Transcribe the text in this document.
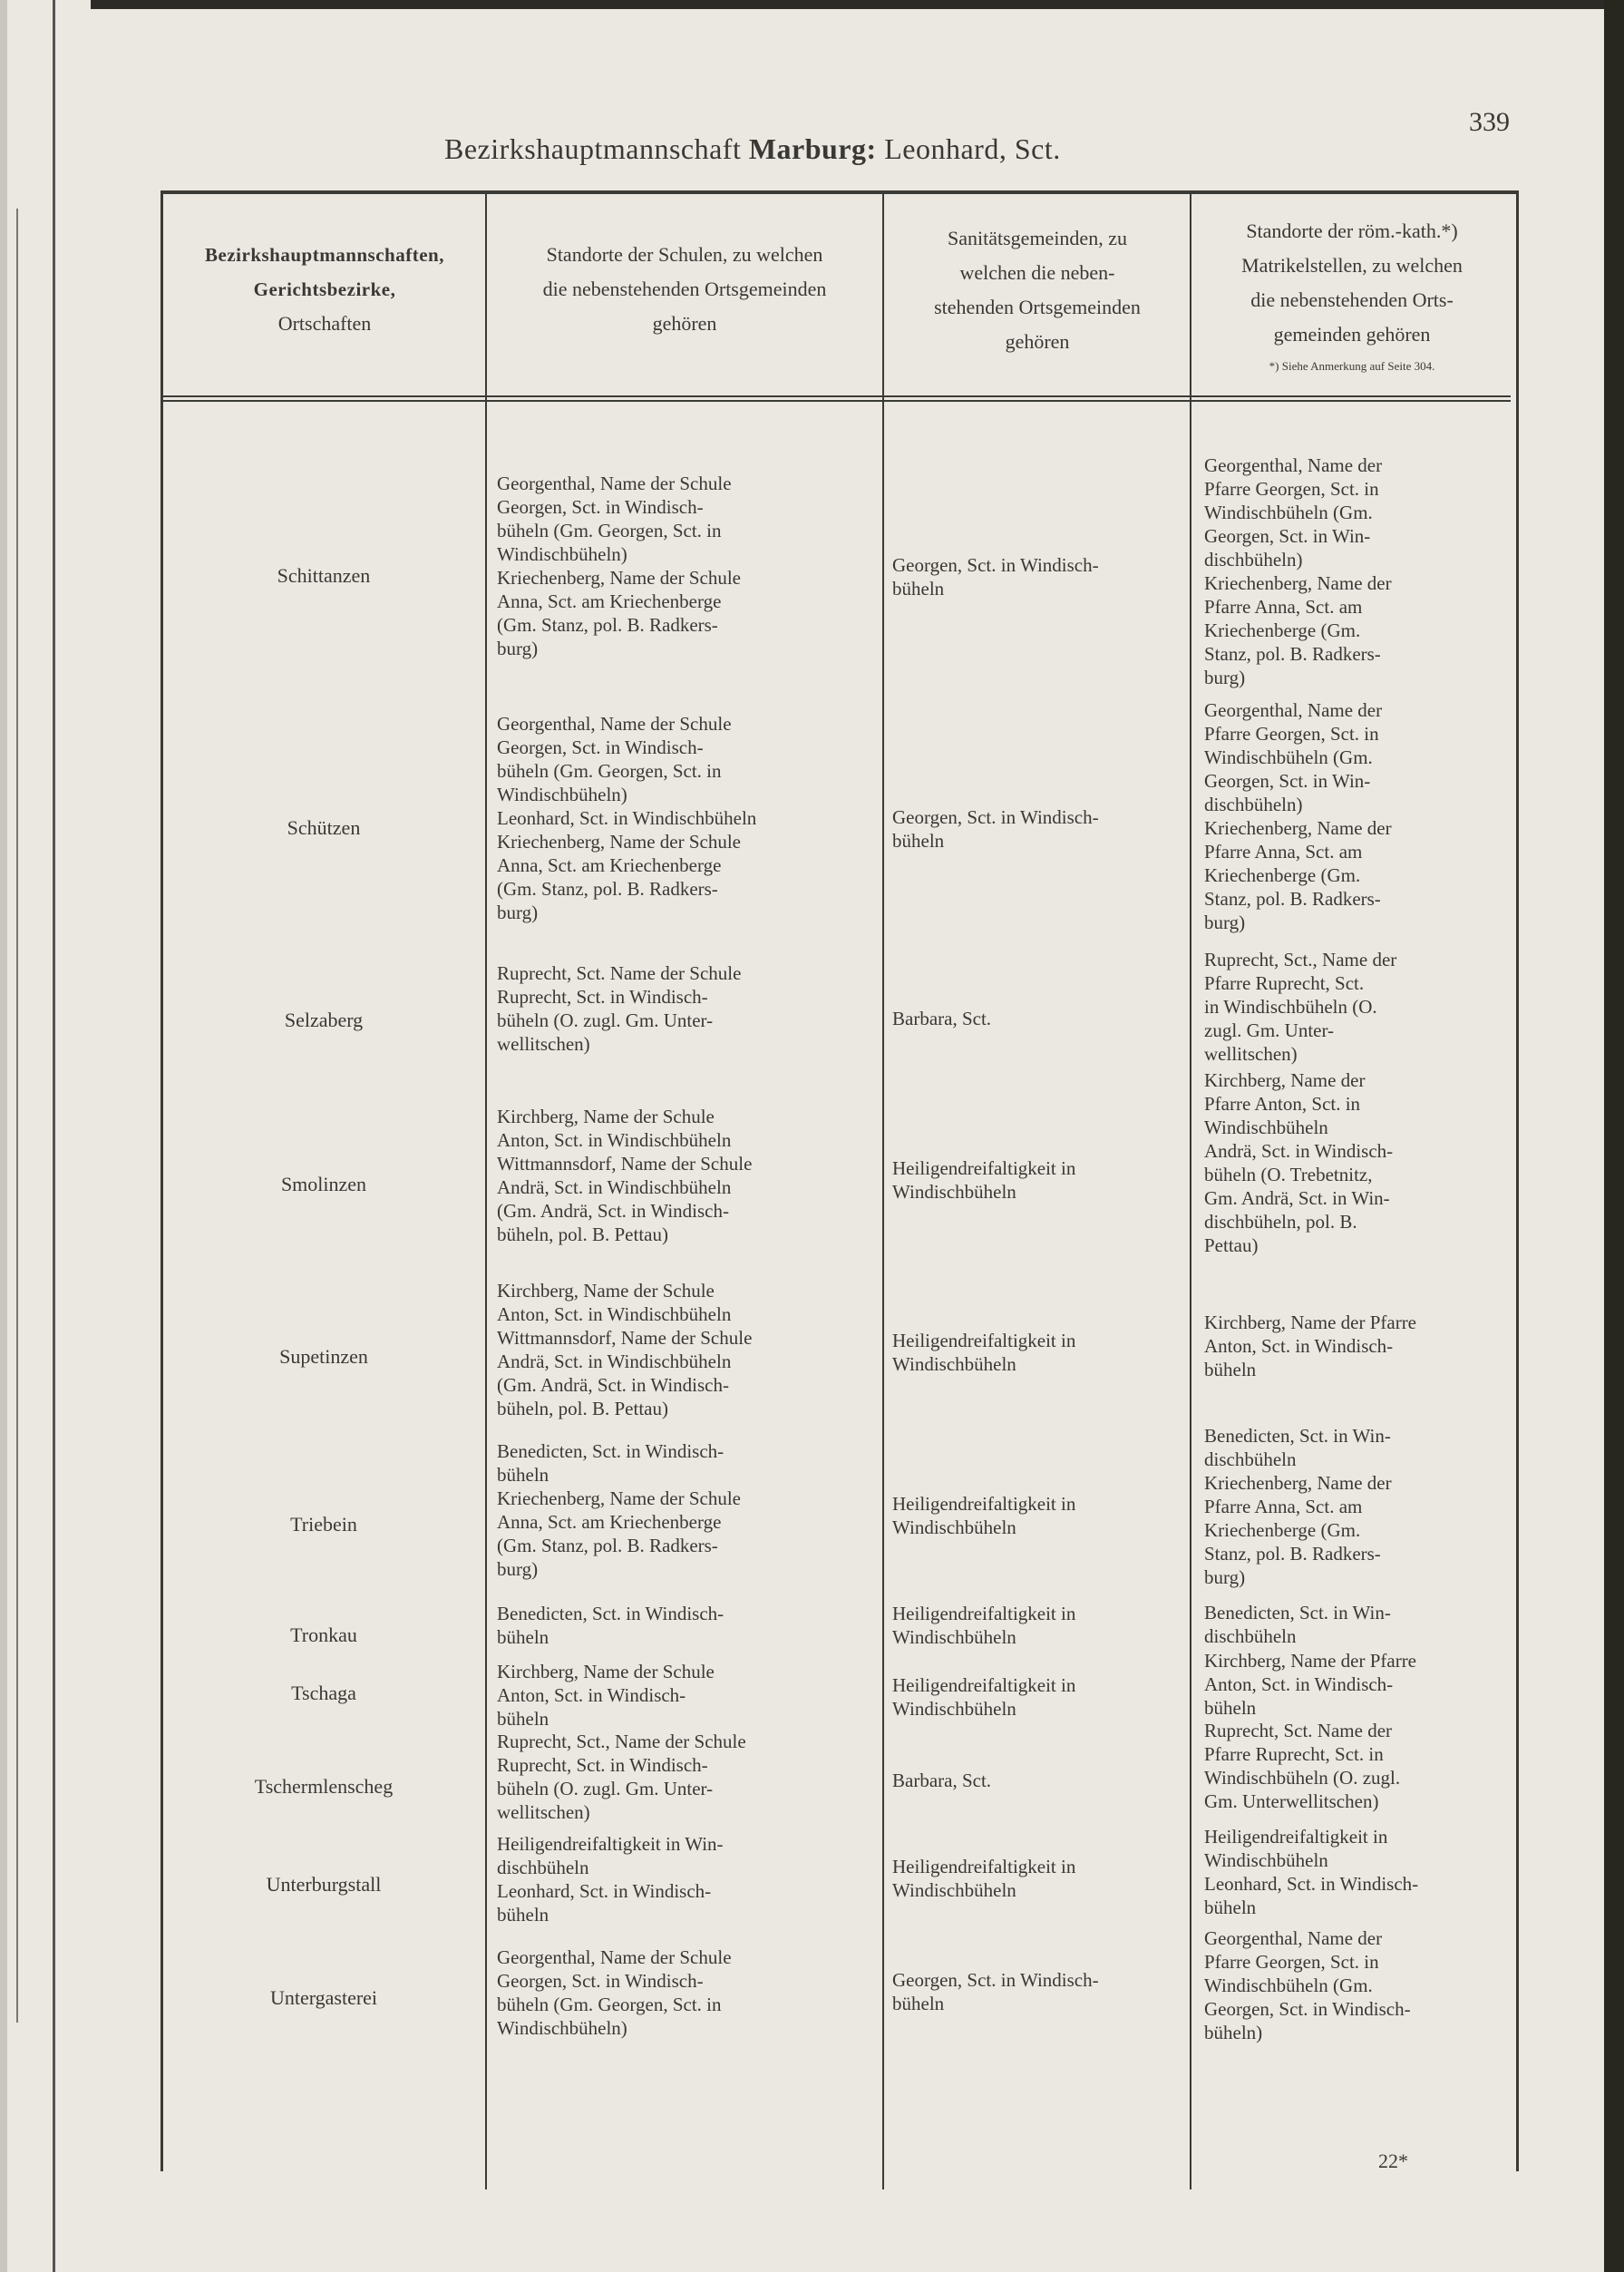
339
Bezirkshauptmannschaft Marburg: Leonhard, Sct.
Bezirkshauptmannschaften,
Gerichtsbezirke,
Ortschaften
Standorte der Schulen, zu welchen
die nebenstehenden Ortsgemeinden
gehören
Sanitätsgemeinden, zu
welchen die neben-
stehenden Ortsgemeinden
gehören
Standorte der röm.-kath.*)
Matrikelstellen, zu welchen
die nebenstehenden Orts-
gemeinden gehören
*) Siehe Anmerkung auf Seite 304.
Schittanzen
Georgenthal, Name der Schule
Georgen, Sct. in Windisch-
büheln (Gm. Georgen, Sct. in
Windischbüheln)
Kriechenberg, Name der Schule
Anna, Sct. am Kriechenberge
(Gm. Stanz, pol. B. Radkers-
burg)
Georgen, Sct. in Windisch-
büheln
Georgenthal, Name der
Pfarre Georgen, Sct. in
Windischbüheln (Gm.
Georgen, Sct. in Win-
dischbüheln)
Kriechenberg, Name der
Pfarre Anna, Sct. am
Kriechenberge (Gm.
Stanz, pol. B. Radkers-
burg)
Schützen
Georgenthal, Name der Schule
Georgen, Sct. in Windisch-
büheln (Gm. Georgen, Sct. in
Windischbüheln)
Leonhard, Sct. in Windischbüheln
Kriechenberg, Name der Schule
Anna, Sct. am Kriechenberge
(Gm. Stanz, pol. B. Radkers-
burg)
Georgen, Sct. in Windisch-
büheln
Georgenthal, Name der
Pfarre Georgen, Sct. in
Windischbüheln (Gm.
Georgen, Sct. in Win-
dischbüheln)
Kriechenberg, Name der
Pfarre Anna, Sct. am
Kriechenberge (Gm.
Stanz, pol. B. Radkers-
burg)
Selzaberg
Ruprecht, Sct. Name der Schule
Ruprecht, Sct. in Windisch-
büheln (O. zugl. Gm. Unter-
wellitschen)
Barbara, Sct.
Ruprecht, Sct., Name der
Pfarre Ruprecht, Sct.
in Windischbüheln (O.
zugl. Gm. Unter-
wellitschen)
Smolinzen
Kirchberg, Name der Schule
Anton, Sct. in Windischbüheln
Wittmannsdorf, Name der Schule
Andrä, Sct. in Windischbüheln
(Gm. Andrä, Sct. in Windisch-
büheln, pol. B. Pettau)
Heiligendreifaltigkeit in
Windischbüheln
Kirchberg, Name der
Pfarre Anton, Sct. in
Windischbüheln
Andrä, Sct. in Windisch-
büheln (O. Trebetnitz,
Gm. Andrä, Sct. in Win-
dischbüheln, pol. B.
Pettau)
Supetinzen
Kirchberg, Name der Schule
Anton, Sct. in Windischbüheln
Wittmannsdorf, Name der Schule
Andrä, Sct. in Windischbüheln
(Gm. Andrä, Sct. in Windisch-
büheln, pol. B. Pettau)
Heiligendreifaltigkeit in
Windischbüheln
Kirchberg, Name der Pfarre
Anton, Sct. in Windisch-
büheln
Triebein
Benedicten, Sct. in Windisch-
büheln
Kriechenberg, Name der Schule
Anna, Sct. am Kriechenberge
(Gm. Stanz, pol. B. Radkers-
burg)
Heiligendreifaltigkeit in
Windischbüheln
Benedicten, Sct. in Win-
dischbüheln
Kriechenberg, Name der
Pfarre Anna, Sct. am
Kriechenberge (Gm.
Stanz, pol. B. Radkers-
burg)
Tronkau
Benedicten, Sct. in Windisch-
büheln
Heiligendreifaltigkeit in
Windischbüheln
Benedicten, Sct. in Win-
dischbüheln
Tschaga
Kirchberg, Name der Schule
Anton, Sct. in Windisch-
büheln
Heiligendreifaltigkeit in
Windischbüheln
Kirchberg, Name der Pfarre
Anton, Sct. in Windisch-
büheln
Tschermlenscheg
Ruprecht, Sct., Name der Schule
Ruprecht, Sct. in Windisch-
büheln (O. zugl. Gm. Unter-
wellitschen)
Barbara, Sct.
Ruprecht, Sct. Name der
Pfarre Ruprecht, Sct. in
Windischbüheln (O. zugl.
Gm. Unterwellitschen)
Unterburgstall
Heiligendreifaltigkeit in Win-
dischbüheln
Leonhard, Sct. in Windisch-
büheln
Heiligendreifaltigkeit in
Windischbüheln
Heiligendreifaltigkeit in
Windischbüheln
Leonhard, Sct. in Windisch-
büheln
Untergasterei
Georgenthal, Name der Schule
Georgen, Sct. in Windisch-
büheln (Gm. Georgen, Sct. in
Windischbüheln)
Georgen, Sct. in Windisch-
büheln
Georgenthal, Name der
Pfarre Georgen, Sct. in
Windischbüheln (Gm.
Georgen, Sct. in Windisch-
büheln)
22*
